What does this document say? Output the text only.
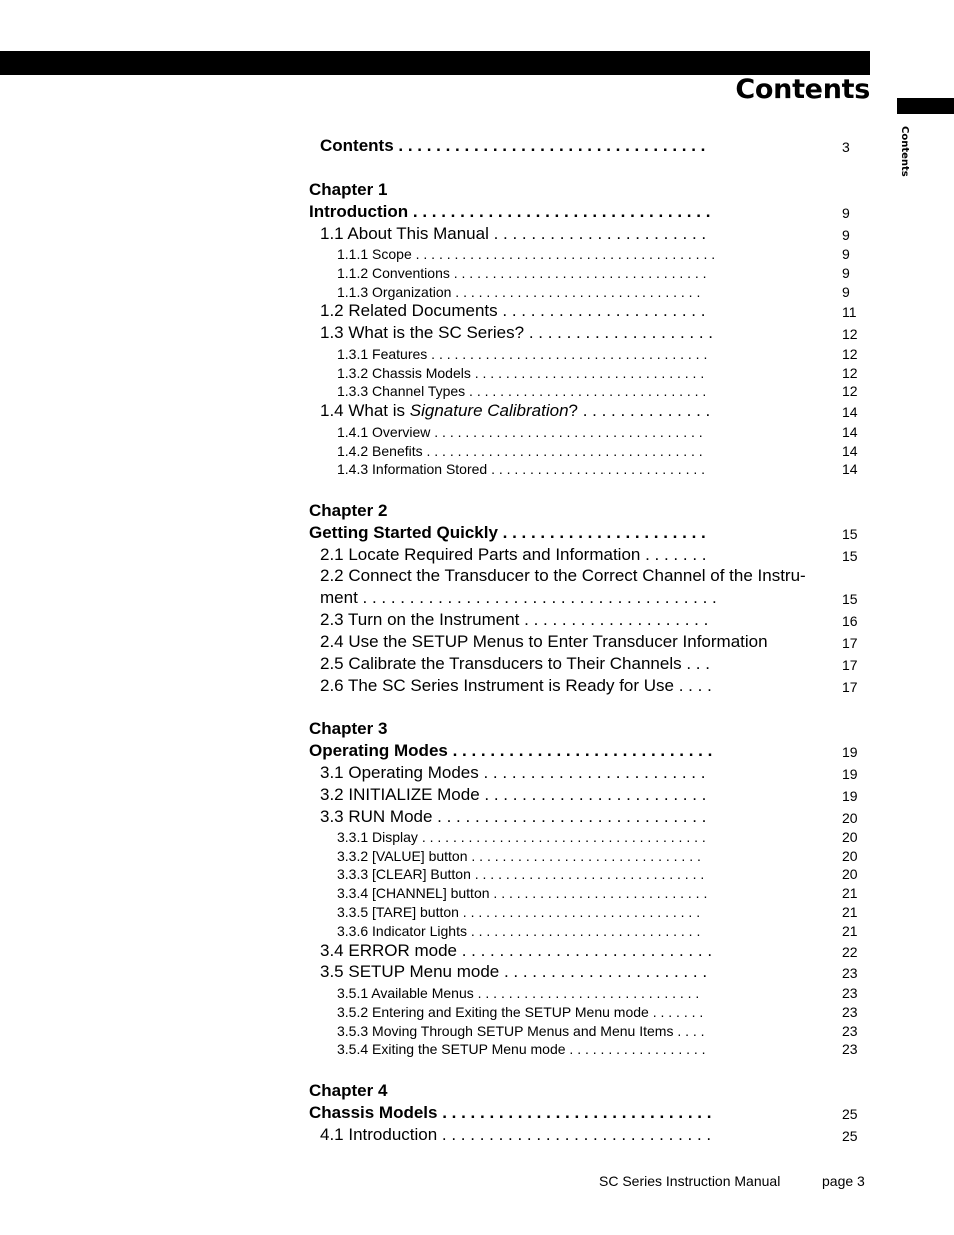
Contents
Contents
Contents . . . . . . . . . . . . . . . . . . . . . . . . . . . . . . . . .	3
Chapter 1
Introduction . . . . . . . . . . . . . . . . . . . . . . . . . . . . . . . .	9
1.1 About This Manual . . . . . . . . . . . . . . . . . . . . . . .	9
1.1.1 Scope . . . . . . . . . . . . . . . . . . . . . . . . . . . . . . . . . . . . . . .	9
1.1.2 Conventions . . . . . . . . . . . . . . . . . . . . . . . . . . . . . . . . .	9
1.1.3 Organization . . . . . . . . . . . . . . . . . . . . . . . . . . . . . . . .	9
1.2 Related Documents . . . . . . . . . . . . . . . . . . . . . .	11
1.3 What is the SC Series? . . . . . . . . . . . . . . . . . . . .	12
1.3.1 Features . . . . . . . . . . . . . . . . . . . . . . . . . . . . . . . . . . . .	12
1.3.2 Chassis Models . . . . . . . . . . . . . . . . . . . . . . . . . . . . . .	12
1.3.3 Channel Types . . . . . . . . . . . . . . . . . . . . . . . . . . . . . . .	12
1.4 What is Signature Calibration? . . . . . . . . . . . . . .	14
1.4.1 Overview . . . . . . . . . . . . . . . . . . . . . . . . . . . . . . . . . . .	14
1.4.2 Benefits . . . . . . . . . . . . . . . . . . . . . . . . . . . . . . . . . . . .	14
1.4.3 Information Stored . . . . . . . . . . . . . . . . . . . . . . . . . . . .	14
Chapter 2
Getting Started Quickly . . . . . . . . . . . . . . . . . . . . . .	15
2.1 Locate Required Parts and Information . . . . . . .	15
2.2 Connect the Transducer to the Correct Channel of the Instru-
ment . . . . . . . . . . . . . . . . . . . . . . . . . . . . . . . . . . . . . .	15
2.3 Turn on the Instrument . . . . . . . . . . . . . . . . . . . .	16
2.4 Use the SETUP Menus to Enter Transducer Information	17
2.5 Calibrate the Transducers to Their Channels . . .	17
2.6 The SC Series Instrument is Ready for Use . . . .	17
Chapter 3
Operating Modes . . . . . . . . . . . . . . . . . . . . . . . . . . . .	19
3.1 Operating Modes . . . . . . . . . . . . . . . . . . . . . . . .	19
3.2 INITIALIZE Mode . . . . . . . . . . . . . . . . . . . . . . . .	19
3.3 RUN Mode . . . . . . . . . . . . . . . . . . . . . . . . . . . . .	20
3.3.1 Display . . . . . . . . . . . . . . . . . . . . . . . . . . . . . . . . . . . . .	20
3.3.2 [VALUE] button . . . . . . . . . . . . . . . . . . . . . . . . . . . . . .	20
3.3.3 [CLEAR] Button . . . . . . . . . . . . . . . . . . . . . . . . . . . . . .	20
3.3.4 [CHANNEL] button . . . . . . . . . . . . . . . . . . . . . . . . . . . .	21
3.3.5 [TARE] button . . . . . . . . . . . . . . . . . . . . . . . . . . . . . . .	21
3.3.6 Indicator Lights . . . . . . . . . . . . . . . . . . . . . . . . . . . . . .	21
3.4 ERROR mode . . . . . . . . . . . . . . . . . . . . . . . . . . .	22
3.5 SETUP Menu mode . . . . . . . . . . . . . . . . . . . . . .	23
3.5.1 Available Menus . . . . . . . . . . . . . . . . . . . . . . . . . . . . .	23
3.5.2 Entering and Exiting the SETUP Menu mode . . . . . . .	23
3.5.3 Moving Through SETUP Menus and Menu Items . . . .	23
3.5.4 Exiting the SETUP Menu mode . . . . . . . . . . . . . . . . . .	23
Chapter 4
Chassis Models . . . . . . . . . . . . . . . . . . . . . . . . . . . . .	25
4.1 Introduction . . . . . . . . . . . . . . . . . . . . . . . . . . . . .	25
SC Series Instruction Manual	page 3
